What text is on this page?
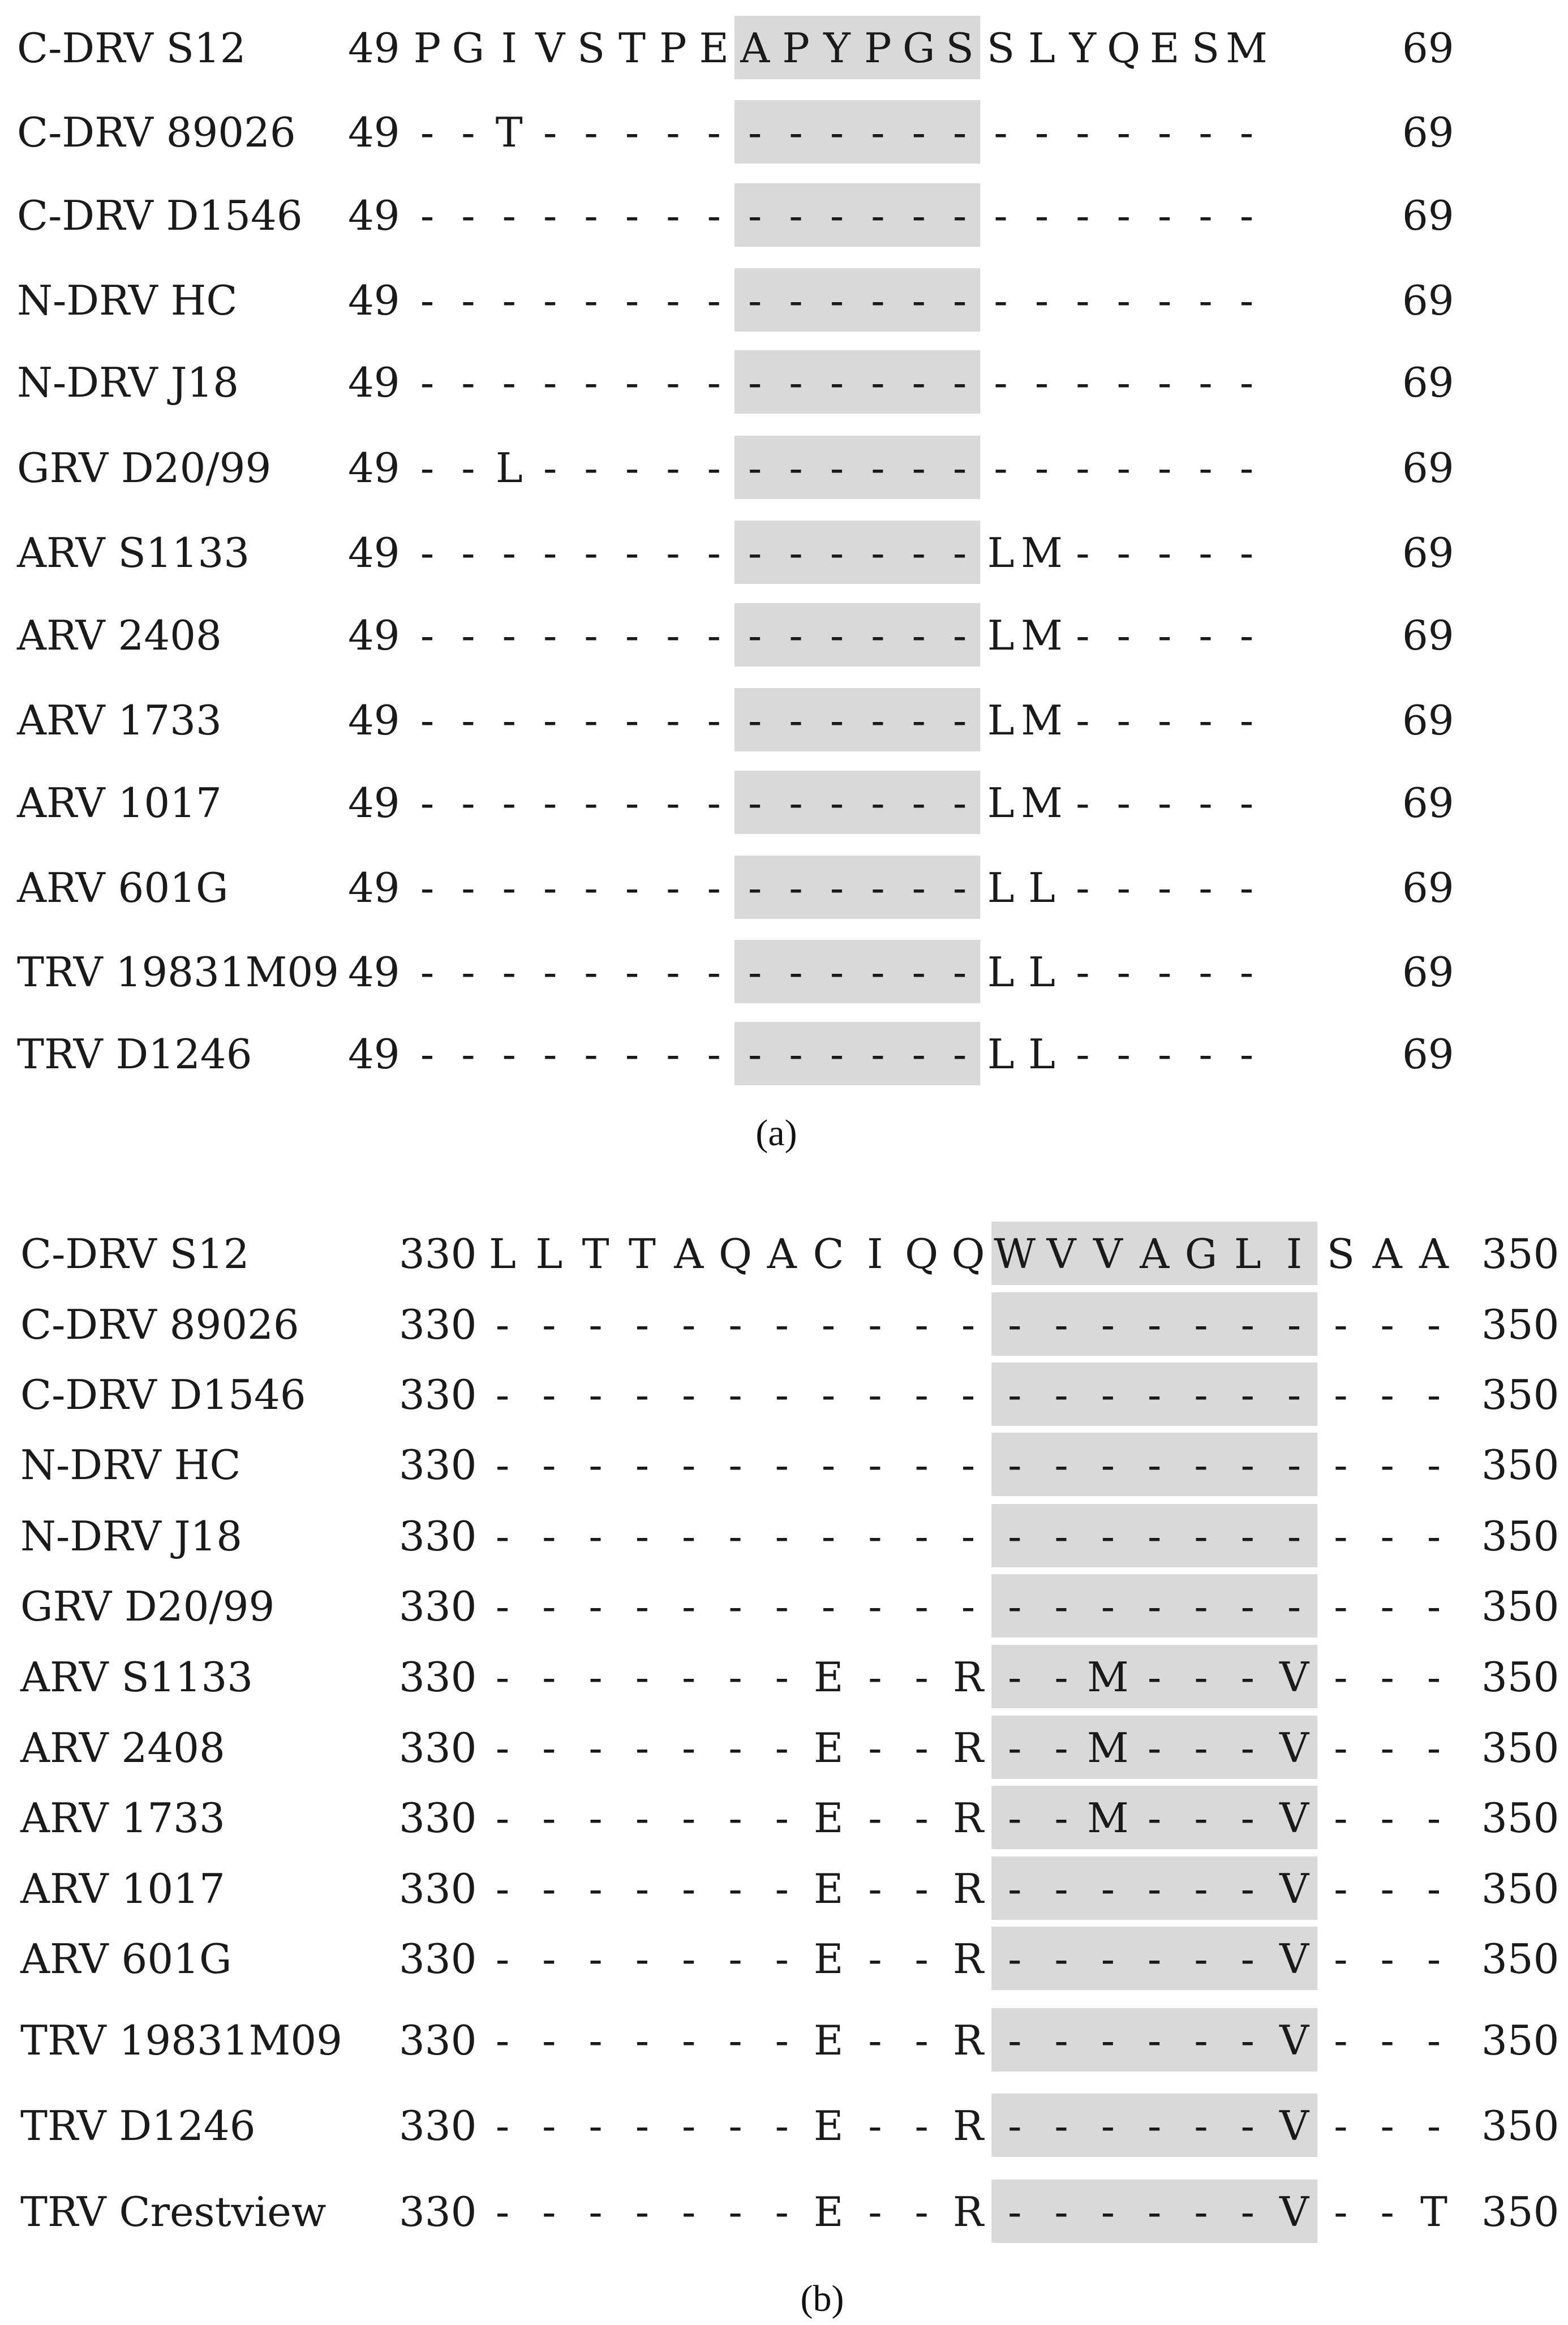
C-DRV S12	49 P G I V S T P E A P Y P G S S L Y Q E S M	69
C-DRV 89026 49 - - T - - - - - - - - - - - - - - - - - -	69
C-DRV D1546 49 - - - - - - - - - - - - - - - - - - - - -	69
N-DRV HC	49 - - - - - - - - - - - - - - - - - - - - -	69
N-DRV J18	49 - - - - - - - - - - - - - - - - - - - - -	69
GRV D20/99 49 - - L - - - - - - - - - - - - - - - - - -	69
ARV S1133 49 - - - - - - - - - - - - - - L M - - - - -	69
ARV 2408	49 - - - - - - - - - - - - - - L M - - - - -	69
ARV 1733	49 - - - - - - - - - - - - - - L M - - - - -	69
ARV 1017	49 - - - - - - - - - - - - - - L M - - - - -	69
ARV 601G	49 - - - - - - - - - - - - - - L L - - - - -	69
TRV 19831M09 49 - - - - - - - - - - - - - - L L - - - - -	69
TRV D1246 49 - - - - - - - - - - - - - - L L - - - - -	69
(a)
C-DRV S12	330 L L T T A Q A C I Q Q W V V A G L I S A A 350
C-DRV 89026 330 - - - - - - - - - - - - - - - - - - - - - 350
C-DRV D1546 330 - - - - - - - - - - - - - - - - - - - - - 350
N-DRV HC	330 - - - - - - - - - - - - - - - - - - - - - 350
N-DRV J18	330 - - - - - - - - - - - - - - - - - - - - - 350
GRV D20/99	330 - - - - - - - - - - - - - - - - - - - - - 350
ARV S1133	330 - - - - - - - E - - R - - M - - - V - - - 350
ARV 2408	330 - - - - - - - E - - R - - M - - - V - - - 350
ARV 1733	330 - - - - - - - E - - R - - M - - - V - - - 350
ARV 1017	330 - - - - - - - E - - R - - - - - - V - - - 350
ARV 601G	330 - - - - - - - E - - R - - - - - - V - - - 350
TRV 19831M09 330 - - - - - - - E - - R - - - - - - V - - - 350
TRV D1246	330 - - - - - - - E - - R - - - - - - V - - - 350
TRV Crestview 330 - - - - - - - E - - R - - - - - - V - - T 350
(b)
